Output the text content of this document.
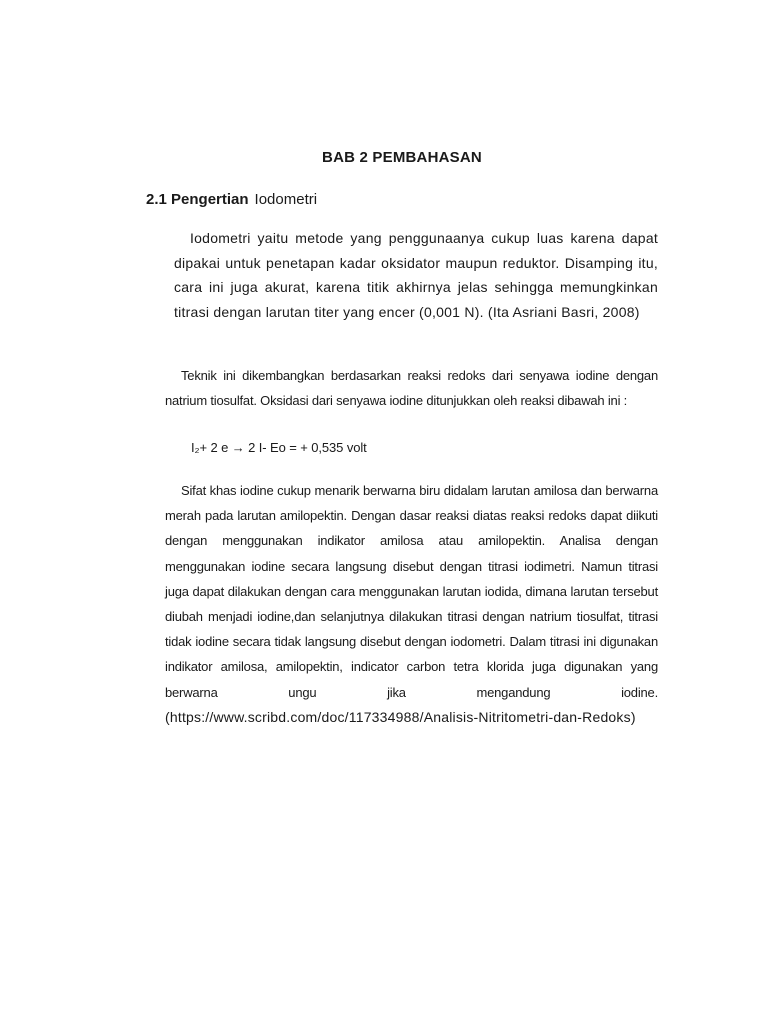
BAB 2 PEMBAHASAN
2.1 Pengertian Iodometri

Iodometri yaitu metode yang penggunaanya cukup luas karena dapat dipakai untuk penetapan kadar oksidator maupun reduktor. Disamping itu, cara ini juga akurat, karena titik akhirnya jelas sehingga memungkinkan titrasi dengan larutan titer yang encer (0,001 N). (Ita Asriani Basri, 2008)

Teknik ini dikembangkan berdasarkan reaksi redoks dari senyawa iodine dengan natrium tiosulfat. Oksidasi dari senyawa iodine ditunjukkan oleh reaksi dibawah ini :

I₂+ 2 e → 2 I- Eo = + 0,535 volt

Sifat khas iodine cukup menarik berwarna biru didalam larutan amilosa dan berwarna merah pada larutan amilopektin. Dengan dasar reaksi diatas reaksi redoks dapat diikuti dengan menggunakan indikator amilosa atau amilopektin. Analisa dengan menggunakan iodine secara langsung disebut dengan titrasi iodimetri. Namun titrasi juga dapat dilakukan dengan cara menggunakan larutan iodida, dimana larutan tersebut diubah menjadi iodine,dan selanjutnya dilakukan titrasi dengan natrium tiosulfat, titrasi tidak iodine secara tidak langsung disebut dengan iodometri. Dalam titrasi ini digunakan indikator amilosa, amilopektin, indicator carbon tetra klorida juga digunakan yang berwarna ungu jika mengandung iodine. (https://www.scribd.com/doc/117334988/Analisis-Nitritometri-dan-Redoks)
